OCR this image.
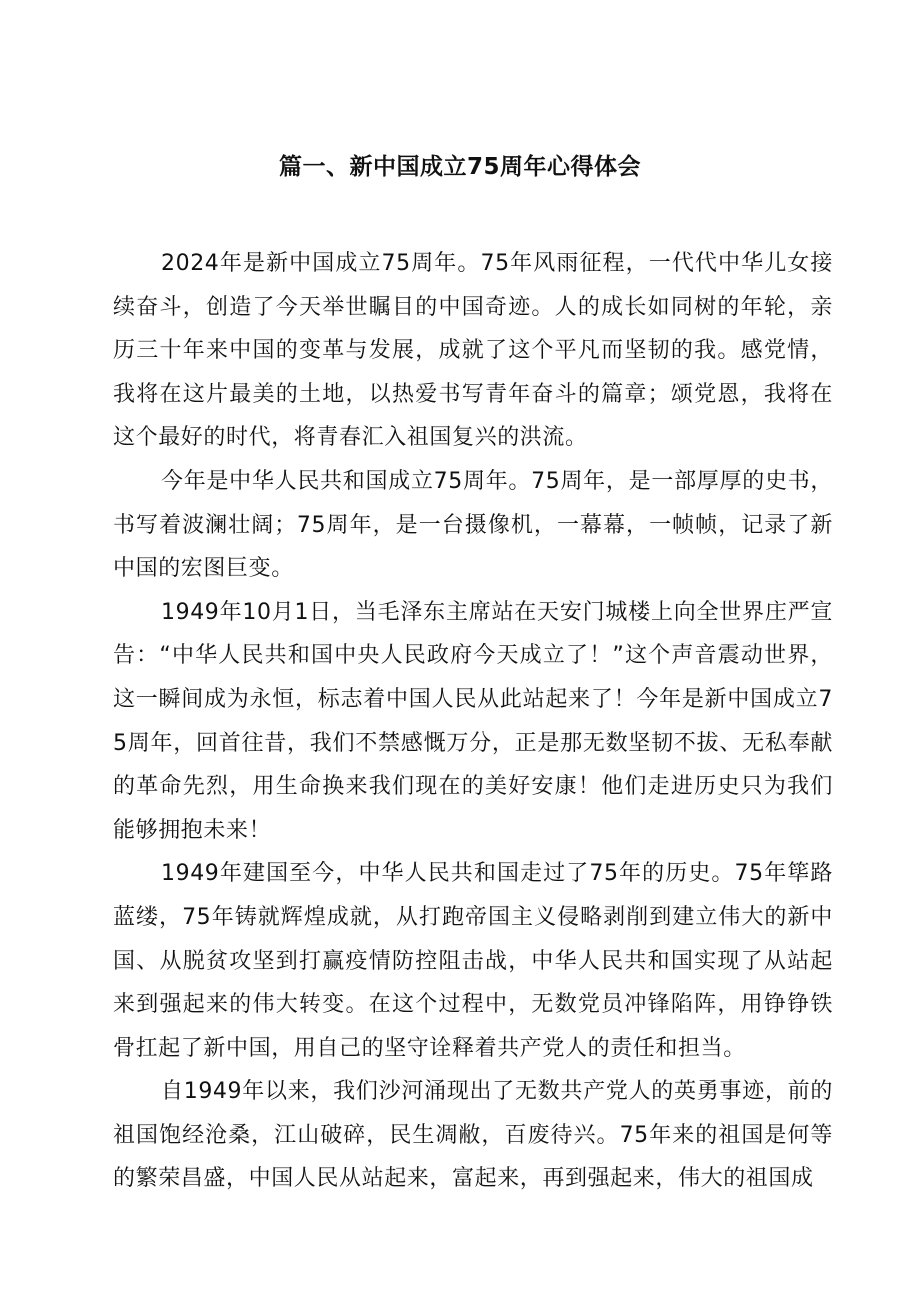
篇一、新中国成立75周年心得体会

2024年是新中国成立75周年。75年风雨征程，一代代中华儿女接续奋斗，创造了今天举世瞩目的中国奇迹。人的成长如同树的年轮，亲历三十年来中国的变革与发展，成就了这个平凡而坚韧的我。感党情，我将在这片最美的土地，以热爱书写青年奋斗的篇章；颂党恩，我将在这个最好的时代，将青春汇入祖国复兴的洪流。

今年是中华人民共和国成立75周年。75周年，是一部厚厚的史书，书写着波澜壮阔；75周年，是一台摄像机，一幕幕，一帧帧，记录了新中国的宏图巨变。

1949年10月1日，当毛泽东主席站在天安门城楼上向全世界庄严宣告：“中华人民共和国中央人民政府今天成立了！”这个声音震动世界，这一瞬间成为永恒，标志着中国人民从此站起来了！今年是新中国成立75周年，回首往昔，我们不禁感慨万分，正是那无数坚韧不拔、无私奉献的革命先烈，用生命换来我们现在的美好安康！他们走进历史只为我们能够拥抱未来！

1949年建国至今，中华人民共和国走过了75年的历史。75年筚路蓝缕，75年铸就辉煌成就，从打跑帝国主义侵略剥削到建立伟大的新中国、从脱贫攻坚到打赢疫情防控阻击战，中华人民共和国实现了从站起来到强起来的伟大转变。在这个过程中，无数党员冲锋陷阵，用铮铮铁骨扛起了新中国，用自己的坚守诠释着共产党人的责任和担当。

自1949年以来，我们沙河涌现出了无数共产党人的英勇事迹，前的祖国饱经沧桑，江山破碎，民生凋敝，百废待兴。75年来的祖国是何等的繁荣昌盛，中国人民从站起来，富起来，再到强起来，伟大的祖国成
